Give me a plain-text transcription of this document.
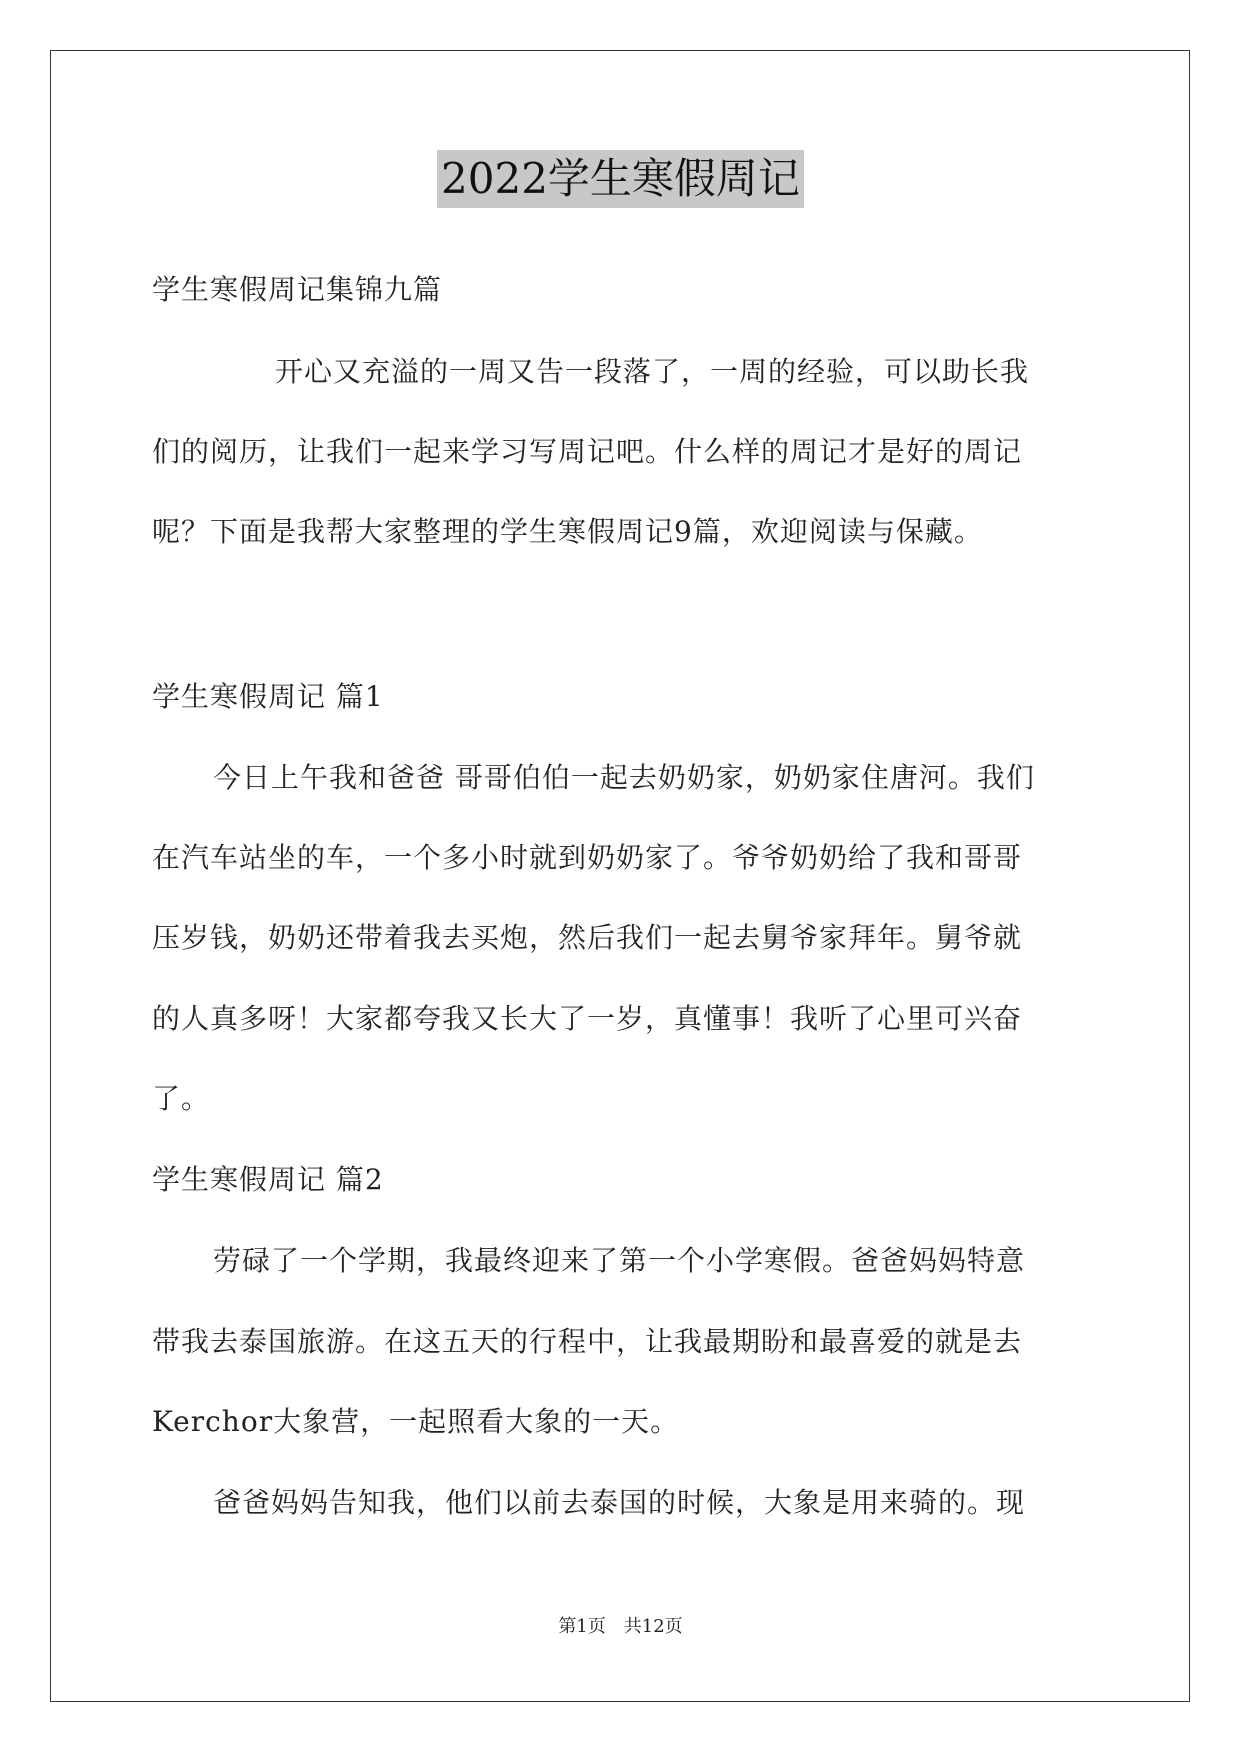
2022学生寒假周记
学生寒假周记集锦九篇
开心又充溢的一周又告一段落了，一周的经验，可以助长我
们的阅历，让我们一起来学习写周记吧。什么样的周记才是好的周记
呢？下面是我帮大家整理的学生寒假周记9篇，欢迎阅读与保藏。
学生寒假周记 篇1
今日上午我和爸爸 哥哥伯伯一起去奶奶家，奶奶家住唐河。我们
在汽车站坐的车，一个多小时就到奶奶家了。爷爷奶奶给了我和哥哥
压岁钱，奶奶还带着我去买炮，然后我们一起去舅爷家拜年。舅爷就
的人真多呀！大家都夸我又长大了一岁，真懂事！我听了心里可兴奋
了。
学生寒假周记 篇2
劳碌了一个学期，我最终迎来了第一个小学寒假。爸爸妈妈特意
带我去泰国旅游。在这五天的行程中，让我最期盼和最喜爱的就是去
Kerchor大象营，一起照看大象的一天。
爸爸妈妈告知我，他们以前去泰国的时候，大象是用来骑的。现
第1页 共12页
